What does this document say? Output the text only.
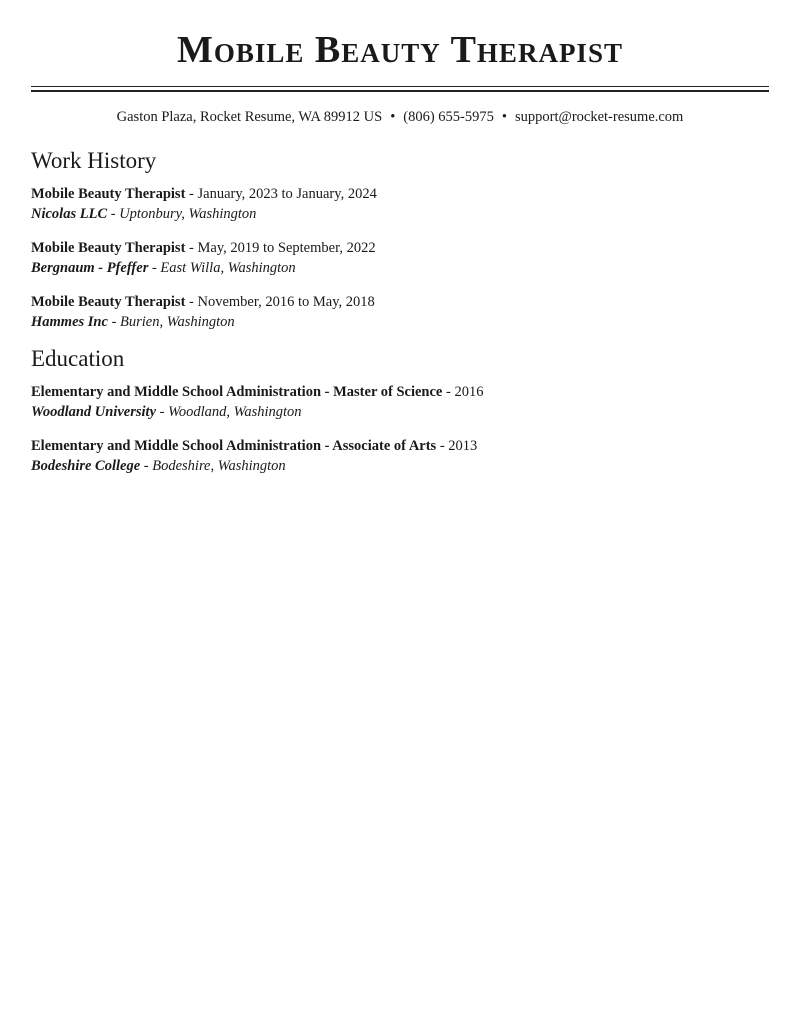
Mobile Beauty Therapist
Gaston Plaza, Rocket Resume, WA 89912 US • (806) 655-5975 • support@rocket-resume.com
Work History
Mobile Beauty Therapist - January, 2023 to January, 2024
Nicolas LLC - Uptonbury, Washington
Mobile Beauty Therapist - May, 2019 to September, 2022
Bergnaum - Pfeffer - East Willa, Washington
Mobile Beauty Therapist - November, 2016 to May, 2018
Hammes Inc - Burien, Washington
Education
Elementary and Middle School Administration - Master of Science - 2016
Woodland University - Woodland, Washington
Elementary and Middle School Administration - Associate of Arts - 2013
Bodeshire College - Bodeshire, Washington
